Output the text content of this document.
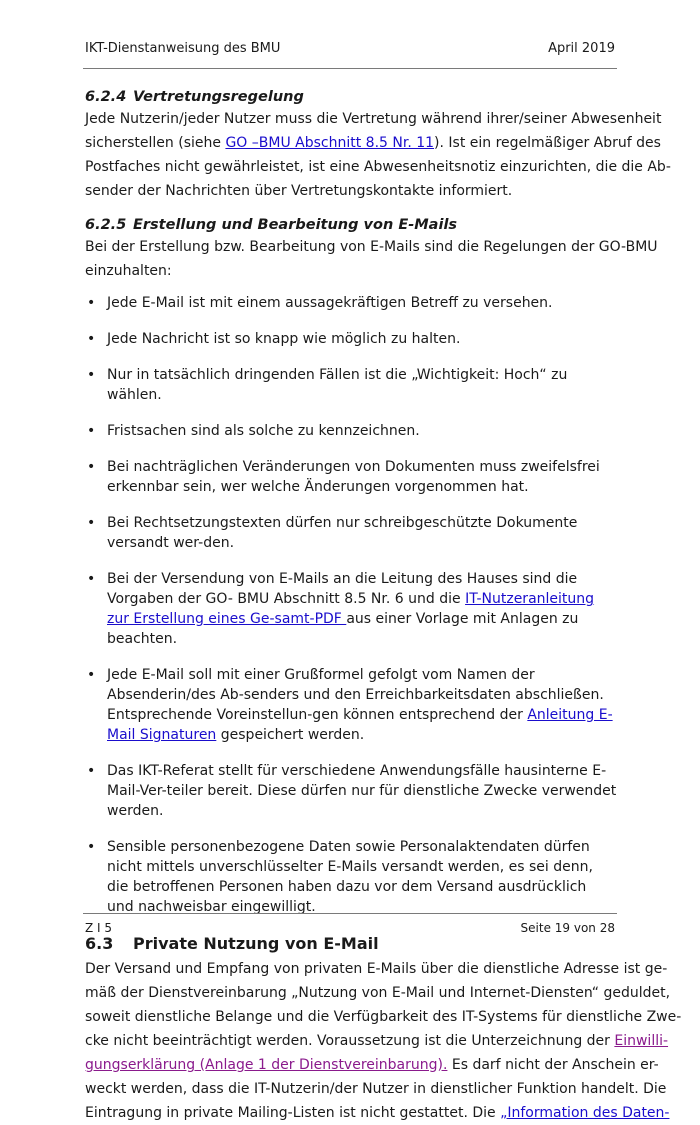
IKT-Dienstanweisung des BMU	April 2019
6.2.4 Vertretungsregelung

Jede Nutzerin/jeder Nutzer muss die Vertretung während ihrer/seiner Abwesenheit
sicherstellen (siehe GO –BMU Abschnitt 8.5 Nr. 11). Ist ein regelmäßiger Abruf des
Postfaches nicht gewährleistet, ist eine Abwesenheitsnotiz einzurichten, die die Ab-
sender der Nachrichten über Vertretungskontakte informiert.

6.2.5 Erstellung und Bearbeitung von E-Mails

Bei der Erstellung bzw. Bearbeitung von E-Mails sind die Regelungen der GO-BMU
einzuhalten:

• Jede E-Mail ist mit einem aussagekräftigen Betreff zu versehen.
• Jede Nachricht ist so knapp wie möglich zu halten.
• Nur in tatsächlich dringenden Fällen ist die „Wichtigkeit: Hoch“ zu wählen.
• Fristsachen sind als solche zu kennzeichnen.
• Bei nachträglichen Veränderungen von Dokumenten muss zweifelsfrei erkennbar sein, wer welche Änderungen vorgenommen hat.
• Bei Rechtsetzungstexten dürfen nur schreibgeschützte Dokumente versandt wer-den.
• Bei der Versendung von E-Mails an die Leitung des Hauses sind die Vorgaben der GO- BMU Abschnitt 8.5 Nr. 6 und die IT-Nutzeranleitung zur Erstellung eines Ge-samt-PDF aus einer Vorlage mit Anlagen zu beachten.
• Jede E-Mail soll mit einer Grußformel gefolgt vom Namen der Absenderin/des Ab-senders und den Erreichbarkeitsdaten abschließen. Entsprechende Voreinstellun-gen können entsprechend der Anleitung E-Mail Signaturen gespeichert werden.
• Das IKT-Referat stellt für verschiedene Anwendungsfälle hausinterne E-Mail-Ver-teiler bereit. Diese dürfen nur für dienstliche Zwecke verwendet werden.
• Sensible personenbezogene Daten sowie Personalaktendaten dürfen nicht mittels unverschlüsselter E-Mails versandt werden, es sei denn, die betroffenen Personen haben dazu vor dem Versand ausdrücklich und nachweisbar eingewilligt.
6.3 Private Nutzung von E-Mail

Der Versand und Empfang von privaten E-Mails über die dienstliche Adresse ist ge-
mäß der Dienstvereinbarung „Nutzung von E-Mail und Internet-Diensten“ geduldet,
soweit dienstliche Belange und die Verfügbarkeit des IT-Systems für dienstliche Zwe-
cke nicht beeinträchtigt werden. Voraussetzung ist die Unterzeichnung der Einwilli-
gungserklärung (Anlage 1 der Dienstvereinbarung). Es darf nicht der Anschein er-
weckt werden, dass die IT-Nutzerin/der Nutzer in dienstlicher Funktion handelt. Die
Eintragung in private Mailing-Listen ist nicht gestattet. Die „Information des Daten-

Z I 5	Seite 19 von 28
